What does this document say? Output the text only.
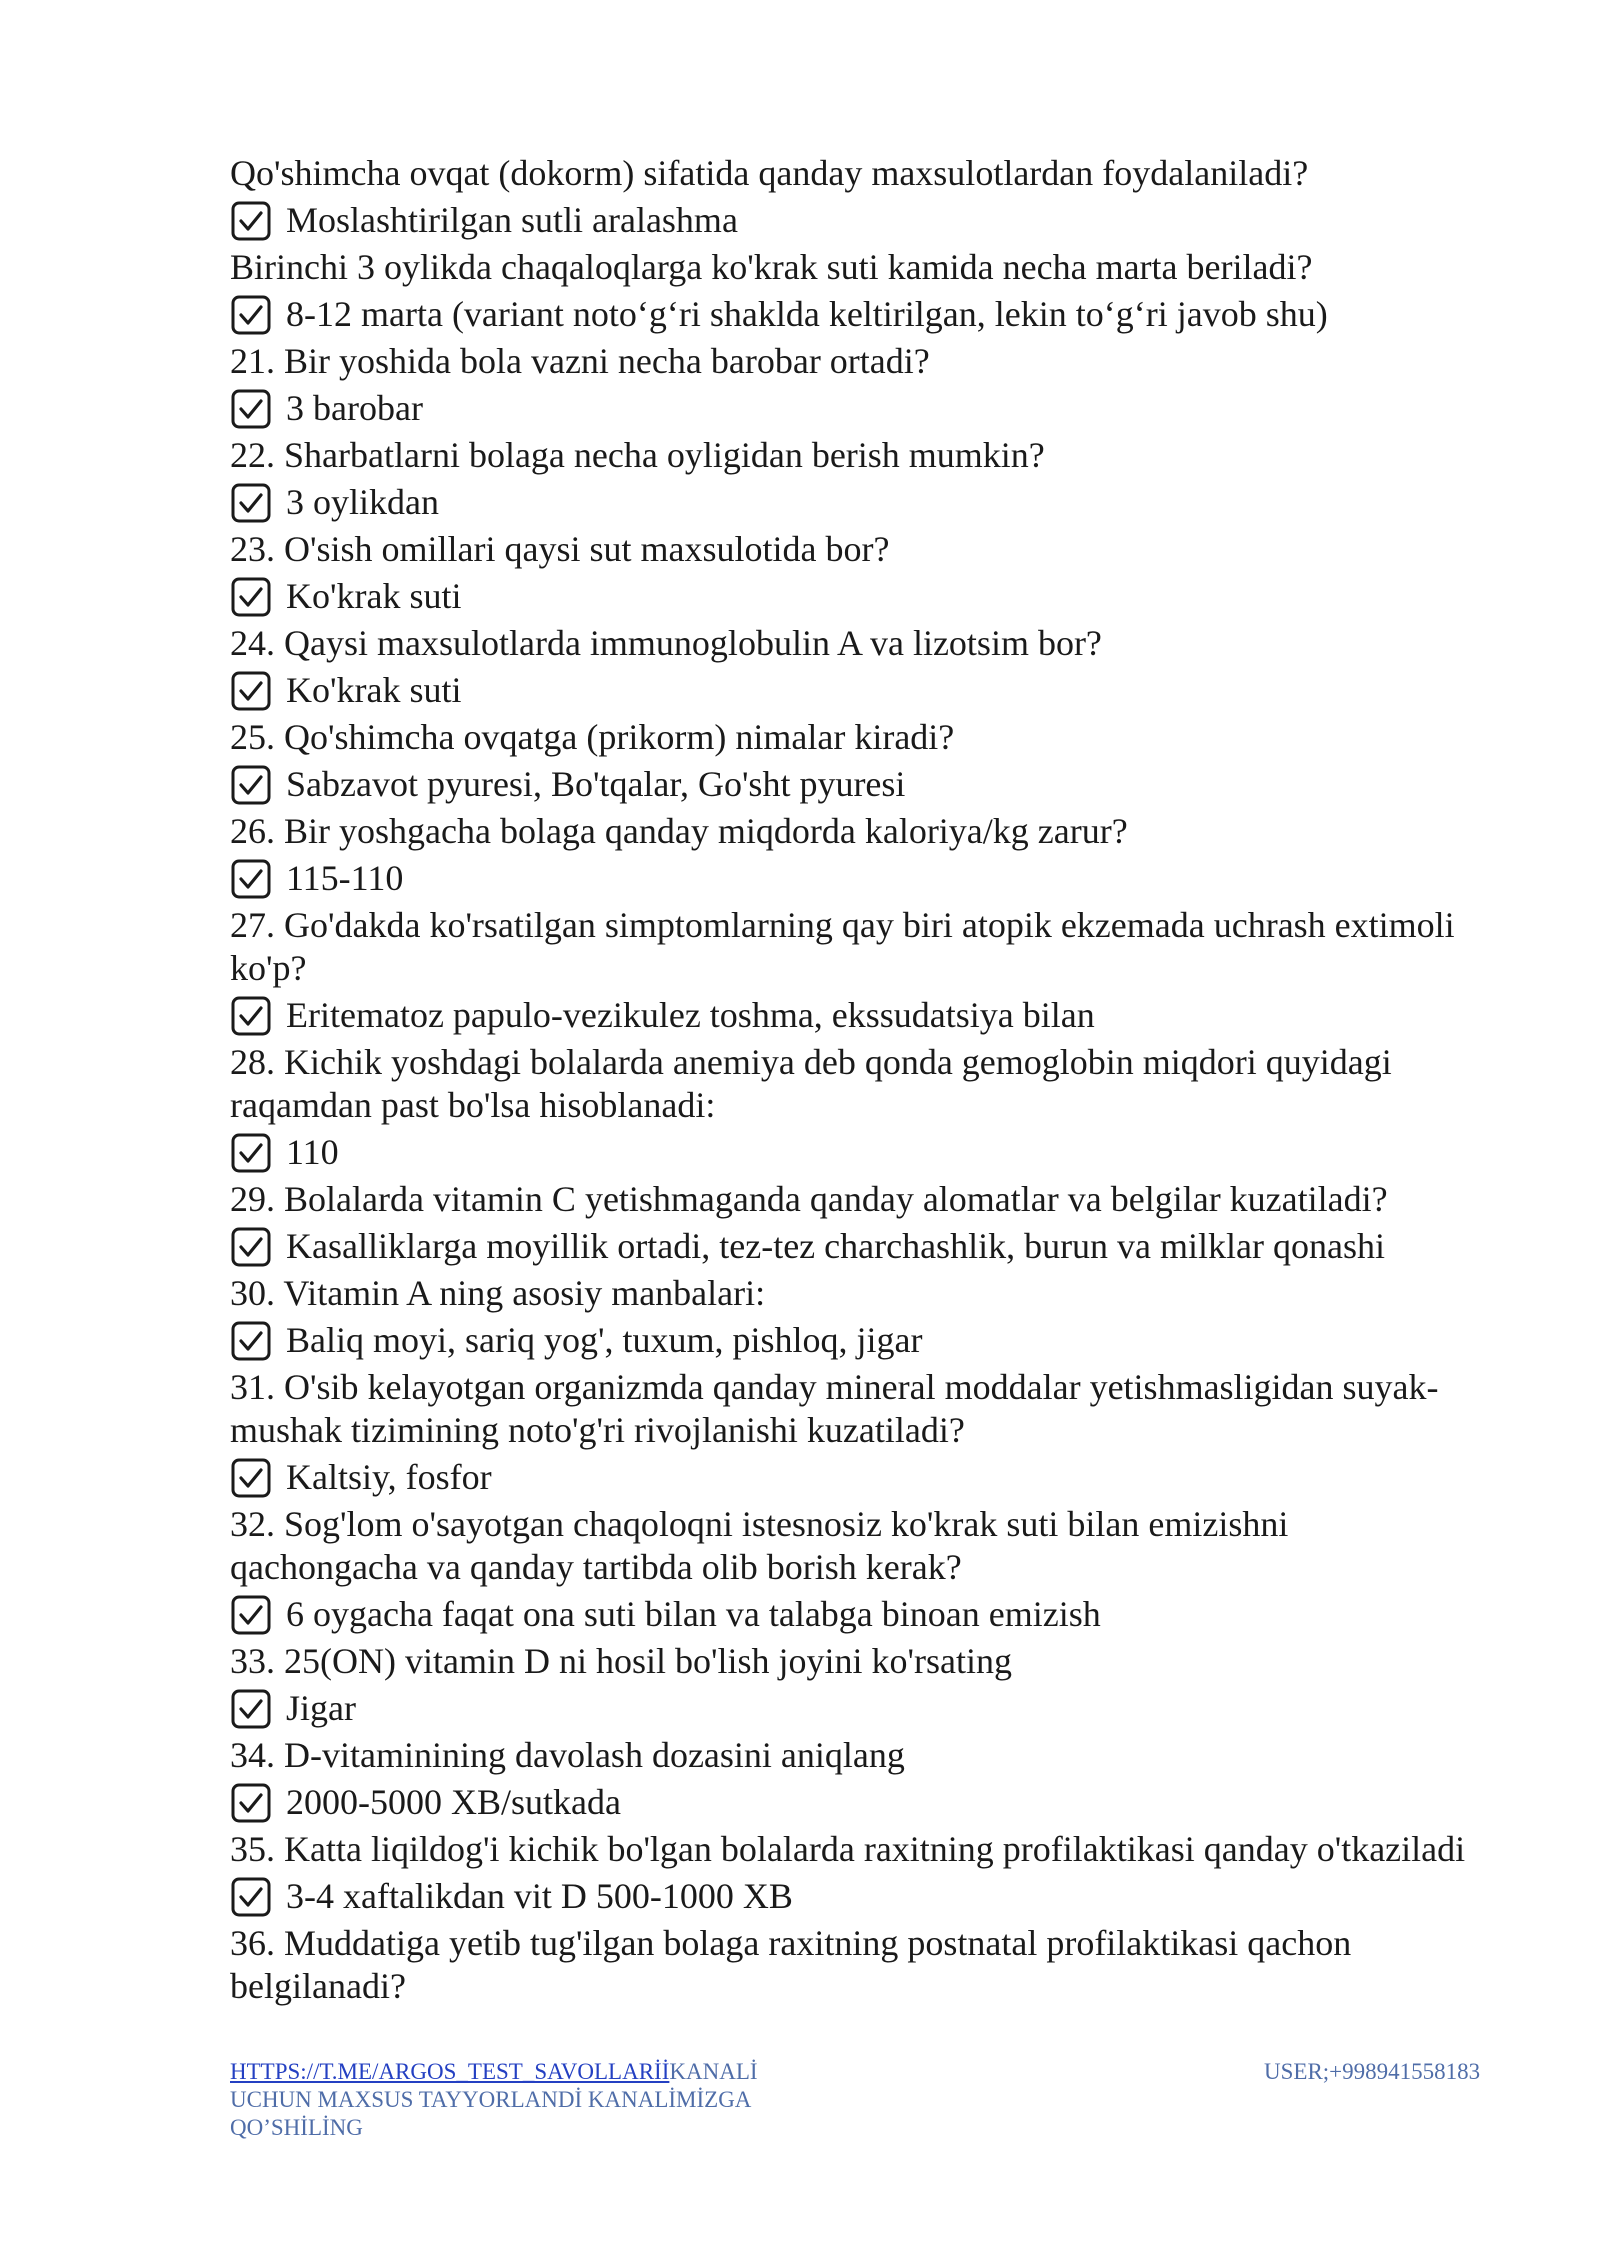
Qo'shimcha ovqat (dokorm) sifatida qanday maxsulotlardan foydalaniladi?
Moslashtirilgan sutli aralashma
Birinchi 3 oylikda chaqaloqlarga ko'krak suti kamida necha marta beriladi?
8-12 marta (variant noto‘g‘ri shaklda keltirilgan, lekin to‘g‘ri javob shu)
21. Bir yoshida bola vazni necha barobar ortadi?
3 barobar
22. Sharbatlarni bolaga necha oyligidan berish mumkin?
3 oylikdan
23. O'sish omillari qaysi sut maxsulotida bor?
Ko'krak suti
24. Qaysi maxsulotlarda immunoglobulin A va lizotsim bor?
Ko'krak suti
25. Qo'shimcha ovqatga (prikorm) nimalar kiradi?
Sabzavot pyuresi, Bo'tqalar, Go'sht pyuresi
26. Bir yoshgacha bolaga qanday miqdorda kaloriya/kg zarur?
115-110
27. Go'dakda ko'rsatilgan simptomlarning qay biri atopik ekzemada uchrash extimoli ko'p?
Eritematoz papulo-vezikulez toshma, ekssudatsiya bilan
28. Kichik yoshdagi bolalarda anemiya deb qonda gemoglobin miqdori quyidagi raqamdan past bo'lsa hisoblanadi:
110
29. Bolalarda vitamin C yetishmaganda qanday alomatlar va belgilar kuzatiladi?
Kasalliklarga moyillik ortadi, tez-tez charchashlik, burun va milklar qonashi
30. Vitamin A ning asosiy manbalari:
Baliq moyi, sariq yog', tuxum, pishloq, jigar
31. O'sib kelayotgan organizmda qanday mineral moddalar yetishmasligidan suyak-mushak tizimining noto'g'ri rivojlanishi kuzatiladi?
Kaltsiy, fosfor
32. Sog'lom o'sayotgan chaqoloqni istesnosiz ko'krak suti bilan emizishni qachongacha va qanday tartibda olib borish kerak?
6 oygacha faqat ona suti bilan va talabga binoan emizish
33. 25(ON) vitamin D ni hosil bo'lish joyini ko'rsating
Jigar
34. D-vitaminining davolash dozasini aniqlang
2000-5000 XB/sutkada
35. Katta liqildog'i kichik bo'lgan bolalarda raxitning profilaktikasi qanday o'tkaziladi
3-4 xaftalikdan vit D 500-1000 XB
36. Muddatiga yetib tug'ilgan bolaga raxitning postnatal profilaktikasi qachon belgilanadi?
HTTPS://T.ME/ARGOS_TEST_SAVOLLARİİKANALİ
UCHUN MAXSUS TAYYORLANDİ KANALİMİZGA
QO’SHİLİNG
USER;+998941558183
